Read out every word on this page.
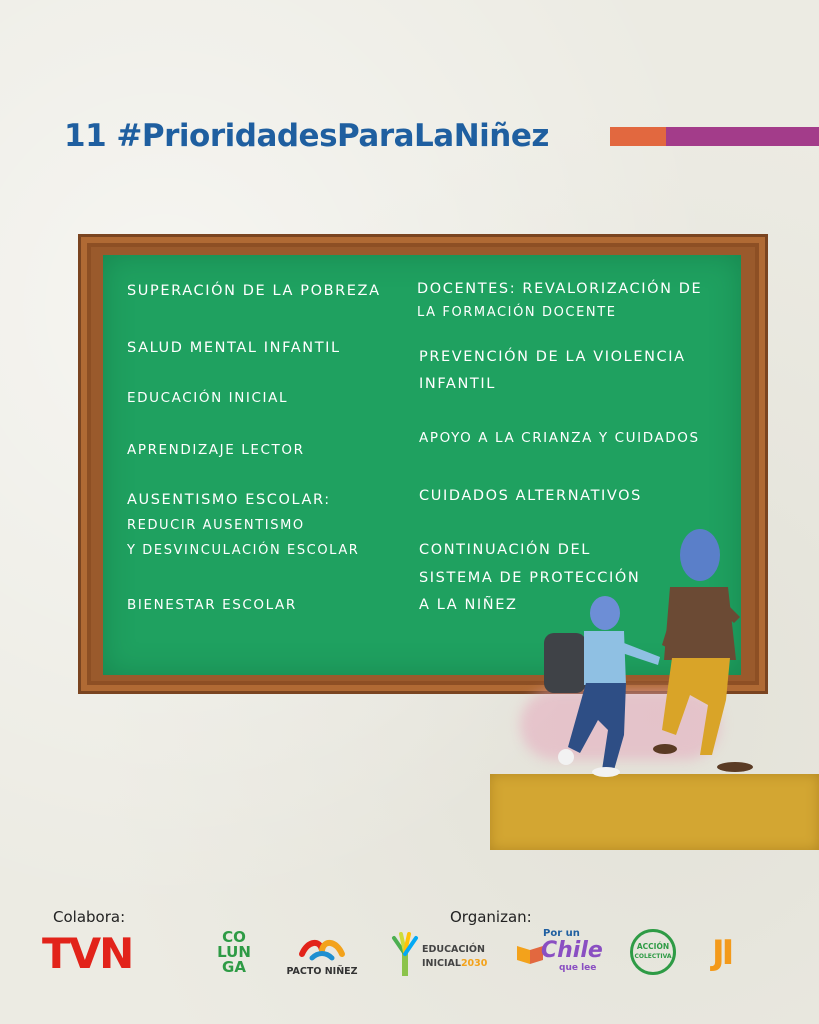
11 #PrioridadesParaLaNiñez
SUPERACIÓN DE LA POBREZA
SALUD MENTAL INFANTIL
EDUCACIÓN INICIAL
APRENDIZAJE LECTOR
AUSENTISMO ESCOLAR:
REDUCIR AUSENTISMO
Y DESVINCULACIÓN ESCOLAR
BIENESTAR ESCOLAR
DOCENTES: REVALORIZACIÓN DE
LA FORMACIÓN DOCENTE
PREVENCIÓN DE LA VIOLENCIA
INFANTIL
APOYO A LA CRIANZA Y CUIDADOS
CUIDADOS ALTERNATIVOS
CONTINUACIÓN DEL
SISTEMA DE PROTECCIÓN
A LA NIÑEZ
Colabora:	Organizan:
TVN	CO
LUN
GA	PACTO NIÑEZ
EDUCACIÓN
INICIAL2030
Por un
Chile
que lee
ACCIÓN
COLECTIVA JI
